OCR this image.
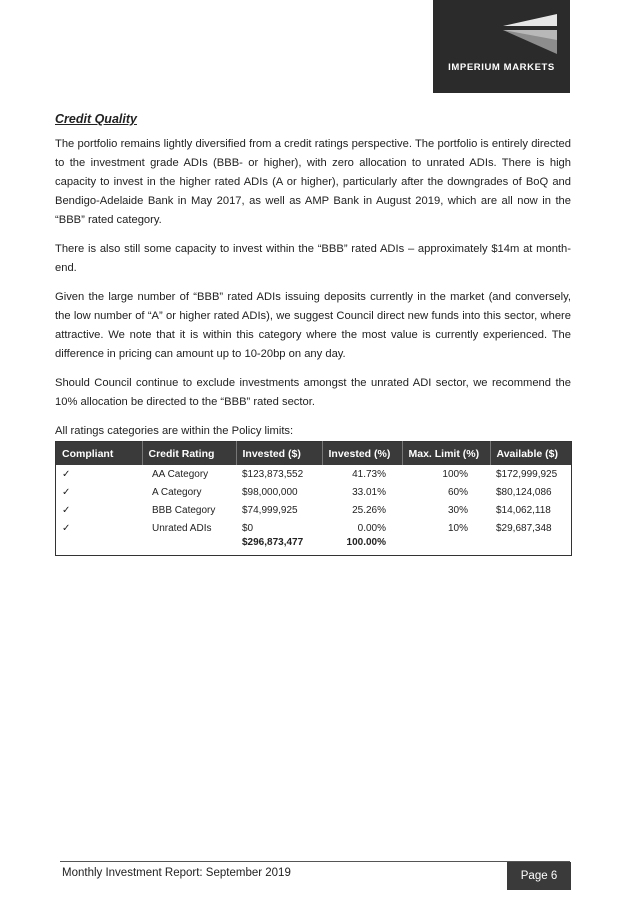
IMPERIUM MARKETS
Credit Quality

The portfolio remains lightly diversified from a credit ratings perspective. The portfolio is entirely directed to the investment grade ADIs (BBB- or higher), with zero allocation to unrated ADIs. There is high capacity to invest in the higher rated ADIs (A or higher), particularly after the downgrades of BoQ and Bendigo-Adelaide Bank in May 2017, as well as AMP Bank in August 2019, which are all now in the “BBB” rated category.

There is also still some capacity to invest within the “BBB” rated ADIs – approximately $14m at month-end.

Given the large number of “BBB” rated ADIs issuing deposits currently in the market (and conversely, the low number of “A” or higher rated ADIs), we suggest Council direct new funds into this sector, where attractive. We note that it is within this category where the most value is currently experienced. The difference in pricing can amount up to 10-20bp on any day.

Should Council continue to exclude investments amongst the unrated ADI sector, we recommend the 10% allocation be directed to the “BBB” rated sector.

All ratings categories are within the Policy limits:

Compliant	Credit Rating	Invested ($)	Invested (%)	Max. Limit (%)	Available ($)
✓	AA Category	$123,873,552	41.73%	100%	$172,999,925
✓	A Category	$98,000,000	33.01%	60%	$80,124,086
✓	BBB Category	$74,999,925	25.26%	30%	$14,062,118
✓	Unrated ADIs	$0	0.00%	10%	$29,687,348
		$296,873,477	100.00%		
Monthly Investment Report: September 2019	Page 6
